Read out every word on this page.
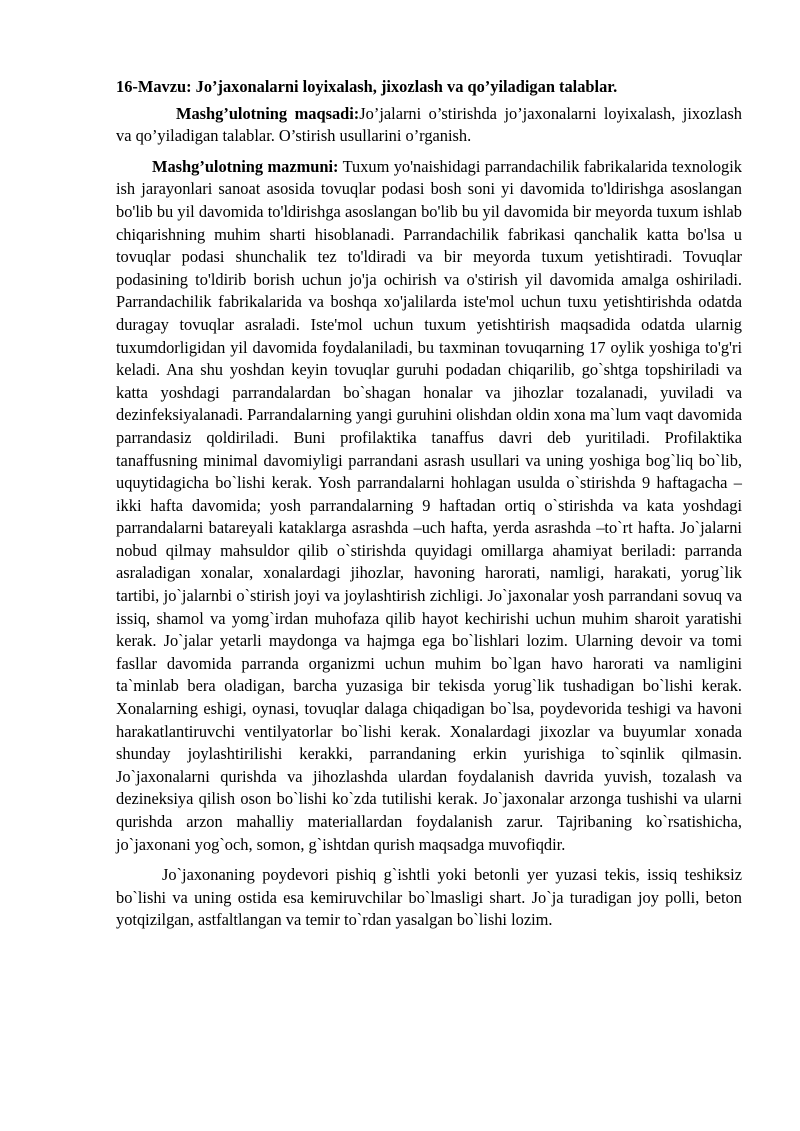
16-Mavzu: Jo’jaxonalarni loyixalash, jixozlash va qo’yiladigan talablar.

Mashg’ulotning maqsadi:Jo’jalarni o’stirishda jo’jaxonalarni loyixalash, jixozlash va qo’yiladigan talablar. O’stirish usullarini o’rganish.

Mashg’ulotning mazmuni: Tuxum yo'naishidagi parrandachilik fabrikalarida texnologik ish jarayonlari sanoat asosida tovuqlar podasi bosh soni yi davomida to'ldirishga asoslangan bo'lib bu yil davomida to'ldirishga asoslangan bo'lib bu yil davomida bir meyorda tuxum ishlab chiqarishning muhim sharti hisoblanadi. Parrandachilik fabrikasi qanchalik katta bo'lsa u tovuqlar podasi shunchalik tez to'ldiradi va bir meyorda tuxum yetishtiradi. Tovuqlar podasining to'ldirib borish uchun jo'ja ochirish va o'stirish yil davomida amalga oshiriladi. Parrandachilik fabrikalarida va boshqa xo'jalilarda iste'mol uchun tuxu yetishtirishda odatda duragay tovuqlar asraladi. Iste'mol uchun tuxum yetishtirish maqsadida odatda ularnig tuxumdorligidan yil davomida foydalaniladi, bu taxminan tovuqarning 17 oylik yoshiga to'g'ri keladi. Ana shu yoshdan keyin tovuqlar guruhi podadan chiqarilib, go`shtga topshiriladi va katta yoshdagi parrandalardan bo`shagan honalar va jihozlar tozalanadi, yuviladi va dezinfeksiyalanadi. Parrandalarning yangi guruhini olishdan oldin xona ma`lum vaqt davomida parrandasiz qoldiriladi. Buni profilaktika tanaffus davri deb yuritiladi. Profilaktika tanaffusning minimal davomiyligi parrandani asrash usullari va uning yoshiga bog`liq bo`lib, uquytidagicha bo`lishi kerak. Yosh parrandalarni hohlagan usulda o`stirishda 9 haftagacha –ikki hafta davomida; yosh parrandalarning 9 haftadan ortiq o`stirishda va kata yoshdagi parrandalarni batareyali kataklarga asrashda –uch hafta, yerda asrashda –to`rt hafta. Jo`jalarni nobud qilmay mahsuldor qilib o`stirishda quyidagi omillarga ahamiyat beriladi: parranda asraladigan xonalar, xonalardagi jihozlar, havoning harorati, namligi, harakati, yorug`lik tartibi, jo`jalarnbi o`stirish joyi va joylashtirish zichligi. Jo`jaxonalar yosh parrandani sovuq va issiq, shamol va yomg`irdan muhofaza qilib hayot kechirishi uchun muhim sharoit yaratishi kerak. Jo`jalar yetarli maydonga va hajmga ega bo`lishlari lozim. Ularning devoir va tomi fasllar davomida parranda organizmi uchun muhim bo`lgan havo harorati va namligini ta`minlab bera oladigan, barcha yuzasiga bir tekisda yorug`lik tushadigan bo`lishi kerak. Xonalarning eshigi, oynasi, tovuqlar dalaga chiqadigan bo`lsa, poydevorida teshigi va havoni harakatlantiruvchi ventilyatorlar bo`lishi kerak. Xonalardagi jixozlar va buyumlar xonada shunday joylashtirilishi kerakki, parrandaning erkin yurishiga to`sqinlik qilmasin. Jo`jaxonalarni qurishda va jihozlashda ulardan foydalanish davrida yuvish, tozalash va dezineksiya qilish oson bo`lishi ko`zda tutilishi kerak. Jo`jaxonalar arzonga tushishi va ularni qurishda arzon mahalliy materiallardan foydalanish zarur. Tajribaning ko`rsatishicha, jo`jaxonani yog`och, somon, g`ishtdan qurish maqsadga muvofiqdir.

Jo`jaxonaning poydevori pishiq g`ishtli yoki betonli yer yuzasi tekis, issiq teshiksiz bo`lishi va uning ostida esa kemiruvchilar bo`lmasligi shart. Jo`ja turadigan joy polli, beton yotqizilgan, astfaltlangan va temir to`rdan yasalgan bo`lishi lozim.
